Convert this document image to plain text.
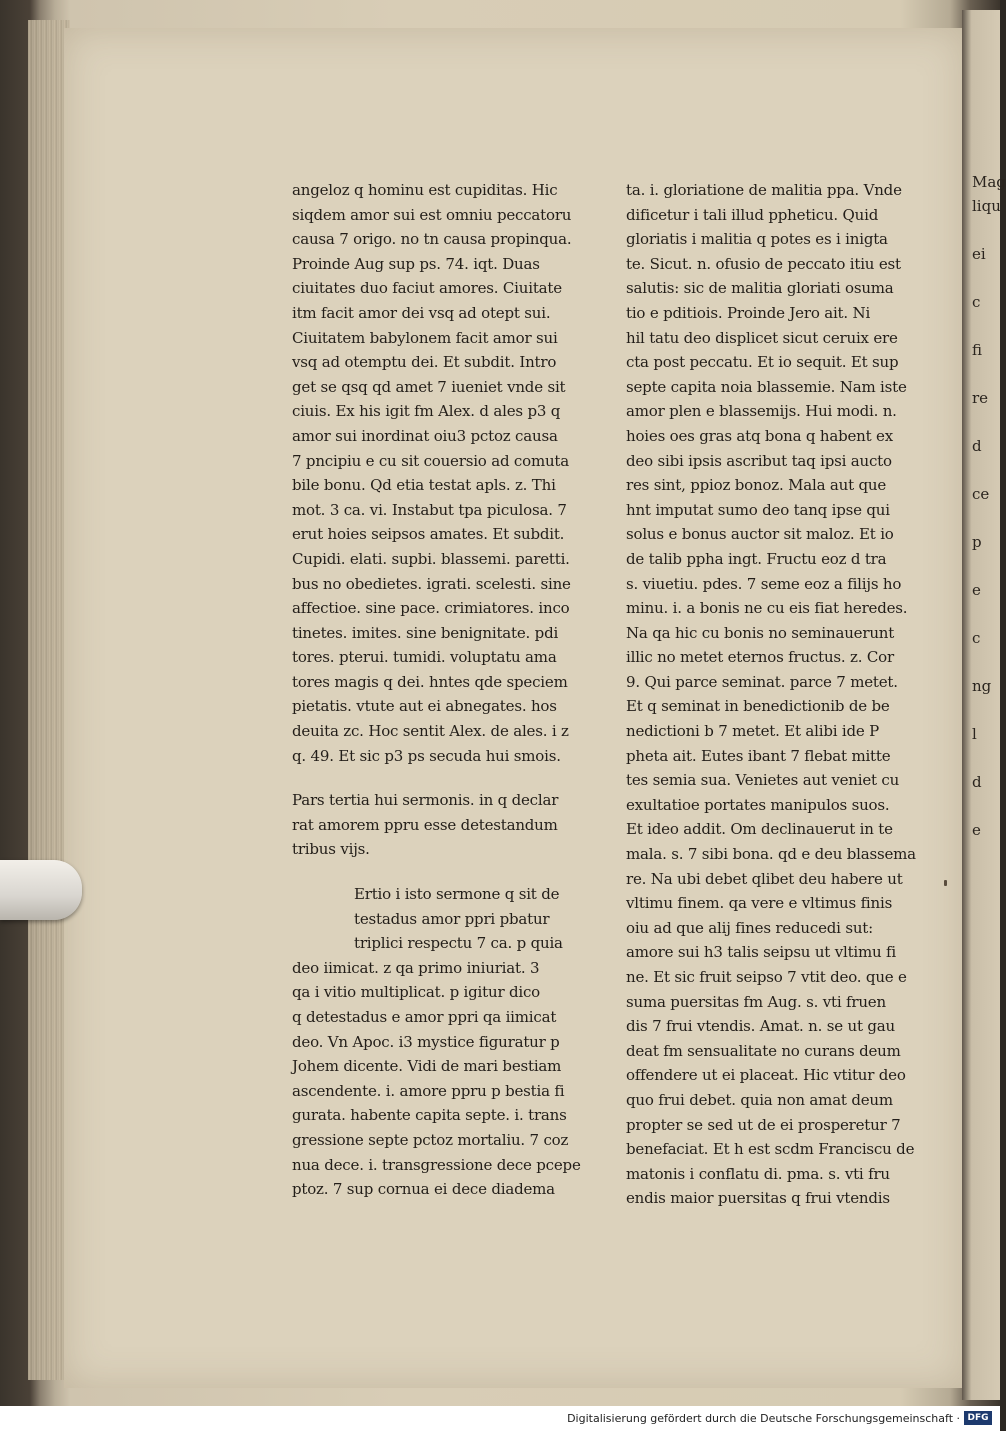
Mag
liqu
ei
c
fi
re
d
ce
p
e
c
ng
l
d
e
angeloz q hominu est cupiditas. Hic
siqdem amor sui est omniu peccatoru
causa 7 origo. no tn causa propinqua.
Proinde Aug sup ps. 74. iqt. Duas
ciuitates duo faciut amores. Ciuitate
itm facit amor dei vsq ad otept sui.
Ciuitatem babylonem facit amor sui
vsq ad otemptu dei. Et subdit. Intro
get se qsq qd amet 7 iueniet vnde sit
ciuis. Ex his igit fm Alex. d ales p3 q
amor sui inordinat oiu3 pctoz causa
7 pncipiu e cu sit couersio ad comuta
bile bonu. Qd etia testat apls. z. Thi
mot. 3 ca. vi. Instabut tpa piculosa. 7
erut hoies seipsos amates. Et subdit.
Cupidi. elati. supbi. blassemi. paretti.
bus no obedietes. igrati. scelesti. sine
affectioe. sine pace. crimiatores. inco
tinetes. imites. sine benignitate. pdi
tores. pterui. tumidi. voluptatu ama
tores magis q dei. hntes qde speciem
pietatis. vtute aut ei abnegates. hos
deuita zc. Hoc sentit Alex. de ales. i z
q. 49. Et sic p3 ps secuda hui smois.
Pars tertia hui sermonis. in q declar
rat amorem ppru esse detestandum
tribus vijs.
Ertio i isto sermone q sit de
testadus amor ppri pbatur
triplici respectu 7 ca. p quia
deo iimicat. z qa primo iniuriat. 3
qa i vitio multiplicat. p igitur dico
q detestadus e amor ppri qa iimicat
deo. Vn Apoc. i3 mystice figuratur p
Johem dicente. Vidi de mari bestiam
ascendente. i. amore ppru p bestia fi
gurata. habente capita septe. i. trans
gressione septe pctoz mortaliu. 7 coz
nua dece. i. transgressione dece pcepe
ptoz. 7 sup cornua ei dece diadema
ta. i. gloriatione de malitia ppa. Vnde
dificetur i tali illud ppheticu. Quid
gloriatis i malitia q potes es i inigta
te. Sicut. n. ofusio de peccato itiu est
salutis: sic de malitia gloriati osuma
tio e pditiois. Proinde Jero ait. Ni
hil tatu deo displicet sicut ceruix ere
cta post peccatu. Et io sequit. Et sup
septe capita noia blassemie. Nam iste
amor plen e blassemijs. Hui modi. n.
hoies oes gras atq bona q habent ex
deo sibi ipsis ascribut taq ipsi aucto
res sint, ppioz bonoz. Mala aut que
hnt imputat sumo deo tanq ipse qui
solus e bonus auctor sit maloz. Et io
de talib ppha ingt. Fructu eoz d tra
s. viuetiu. pdes. 7 seme eoz a filijs ho
minu. i. a bonis ne cu eis fiat heredes.
Na qa hic cu bonis no seminauerunt
illic no metet eternos fructus. z. Cor
9. Qui parce seminat. parce 7 metet.
Et q seminat in benedictionib de be
nedictioni b 7 metet. Et alibi ide P
pheta ait. Eutes ibant 7 flebat mitte
tes semia sua. Venietes aut veniet cu
exultatioe portates manipulos suos.
Et ideo addit. Om declinauerut in te
mala. s. 7 sibi bona. qd e deu blassema
re. Na ubi debet qlibet deu habere ut
vltimu finem. qa vere e vltimus finis
oiu ad que alij fines reducedi sut:
amore sui h3 talis seipsu ut vltimu fi
ne. Et sic fruit seipso 7 vtit deo. que e
suma puersitas fm Aug. s. vti fruen
dis 7 frui vtendis. Amat. n. se ut gau
deat fm sensualitate no curans deum
offendere ut ei placeat. Hic vtitur deo
quo frui debet. quia non amat deum
propter se sed ut de ei prosperetur 7
benefaciat. Et h est scdm Franciscu de
matonis i conflatu di. pma. s. vti fru
endis maior puersitas q frui vtendis
Digitalisierung gefördert durch die Deutsche Forschungsgemeinschaft · DFG
